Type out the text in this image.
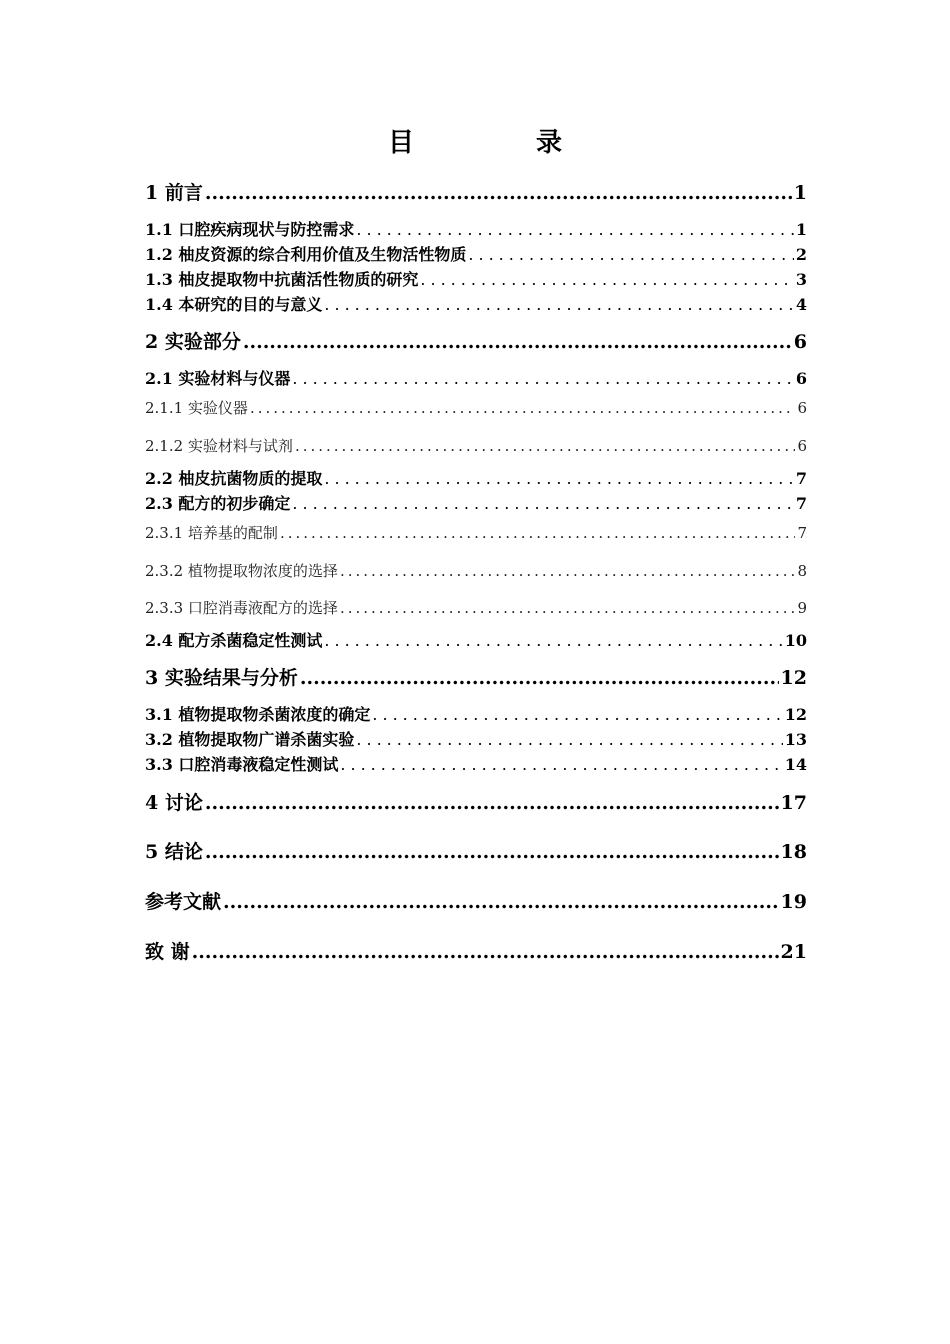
目　录
1 前言 .....	1
1.1 口腔疾病现状与防控需求 .....	1
1.2 柚皮资源的综合利用价值及生物活性物质 .....	2
1.3 柚皮提取物中抗菌活性物质的研究 .....	3
1.4 本研究的目的与意义 .....	4
2 实验部分 .....	6
2.1 实验材料与仪器 .....	6
2.1.1 实验仪器 .....	6
2.1.2 实验材料与试剂 .....	6
2.2 柚皮抗菌物质的提取 .....	7
2.3 配方的初步确定 .....	7
2.3.1 培养基的配制 .....	7
2.3.2 植物提取物浓度的选择 .....	8
2.3.3 口腔消毒液配方的选择 .....	9
2.4 配方杀菌稳定性测试 .....	10
3 实验结果与分析 .....	12
3.1 植物提取物杀菌浓度的确定 .....	12
3.2 植物提取物广谱杀菌实验 .....	13
3.3 口腔消毒液稳定性测试 .....	14
4 讨论 .....	17
5 结论 .....	18
参考文献 .....	19
致 谢 .....	21
